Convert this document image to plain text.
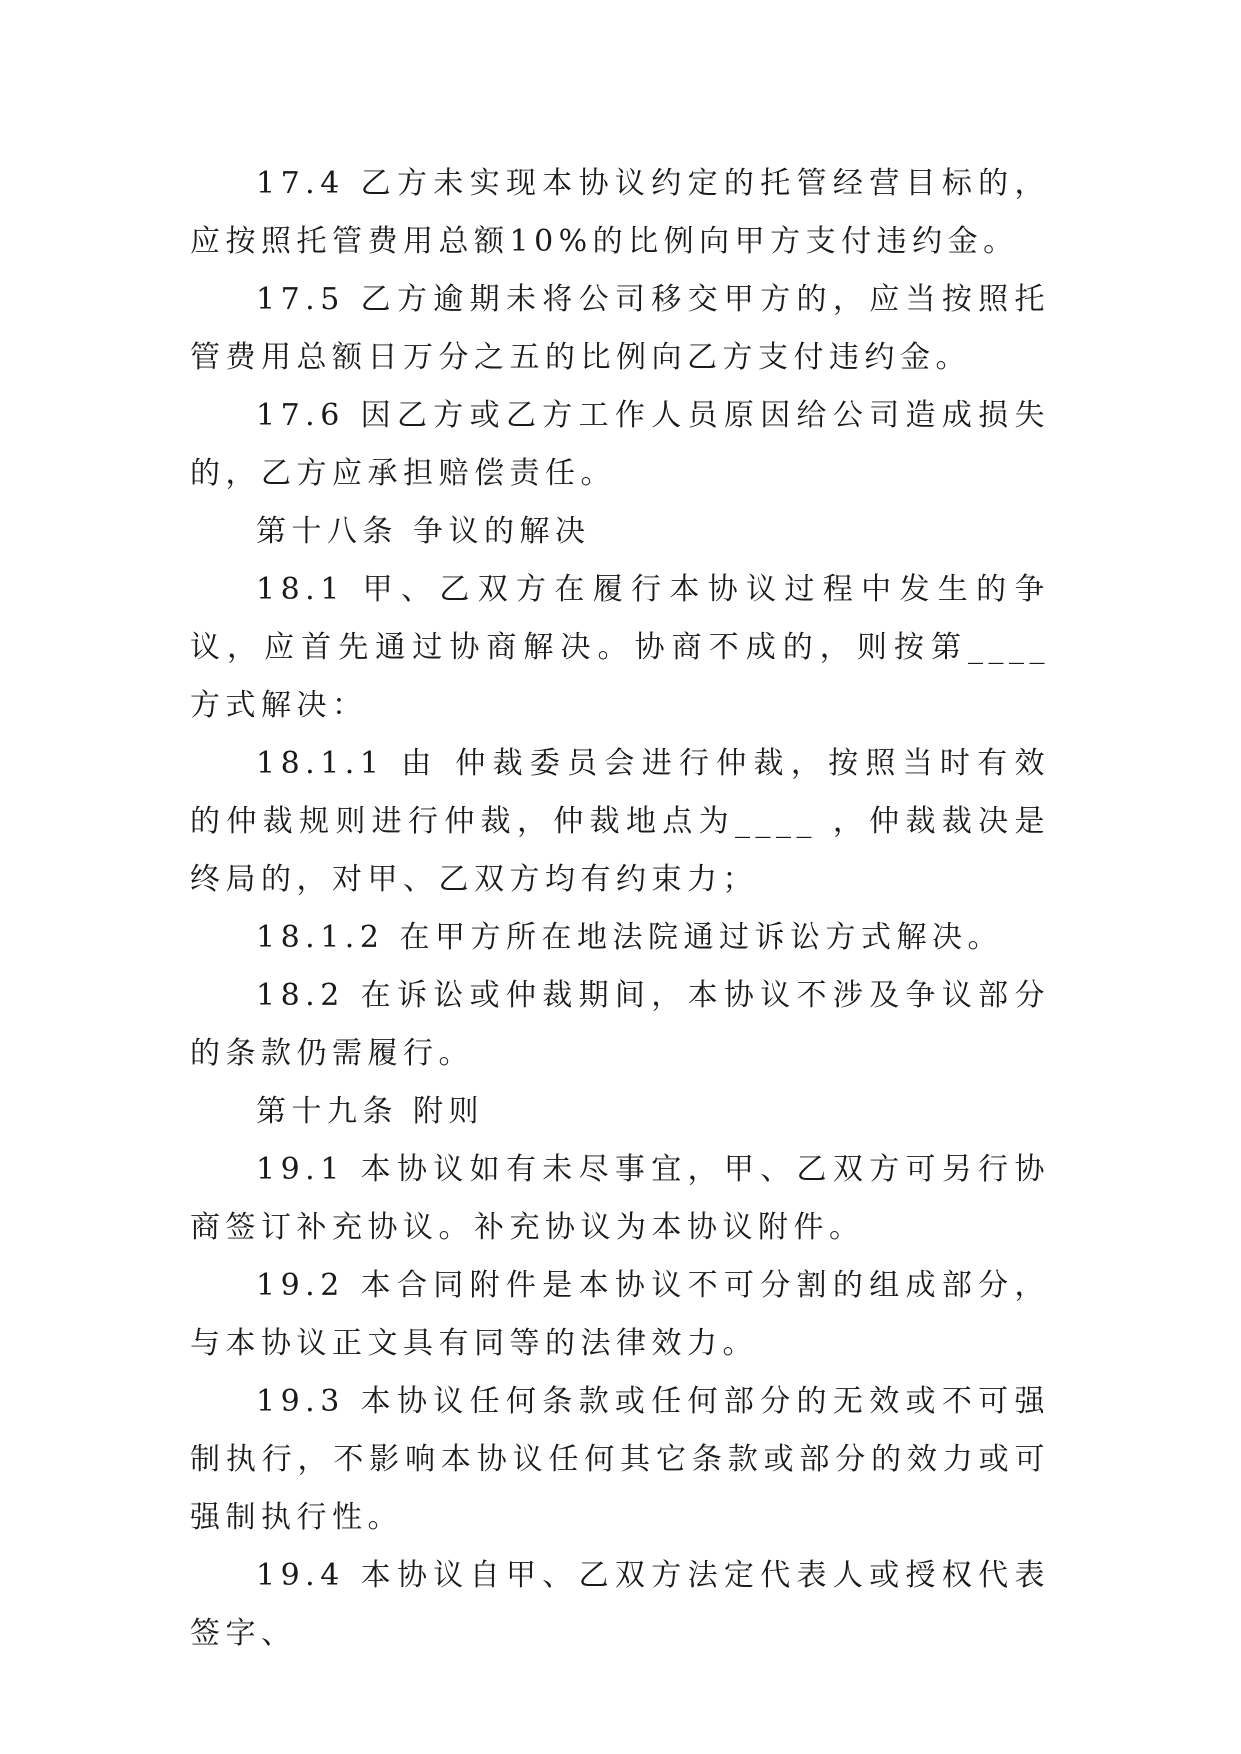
17.4 乙方未实现本协议约定的托管经营目标的，应按照托管费用总额10%的比例向甲方支付违约金。

17.5 乙方逾期未将公司移交甲方的，应当按照托管费用总额日万分之五的比例向乙方支付违约金。

17.6 因乙方或乙方工作人员原因给公司造成损失的，乙方应承担赔偿责任。

第十八条 争议的解决

18.1 甲、乙双方在履行本协议过程中发生的争议，应首先通过协商解决。协商不成的，则按第____ 方式解决：

18.1.1 由 仲裁委员会进行仲裁，按照当时有效的仲裁规则进行仲裁，仲裁地点为____ ，仲裁裁决是终局的，对甲、乙双方均有约束力；

18.1.2 在甲方所在地法院通过诉讼方式解决。

18.2 在诉讼或仲裁期间，本协议不涉及争议部分的条款仍需履行。

第十九条 附则

19.1 本协议如有未尽事宜，甲、乙双方可另行协商签订补充协议。补充协议为本协议附件。

19.2 本合同附件是本协议不可分割的组成部分，与本协议正文具有同等的法律效力。

19.3 本协议任何条款或任何部分的无效或不可强制执行，不影响本协议任何其它条款或部分的效力或可强制执行性。

19.4 本协议自甲、乙双方法定代表人或授权代表签字、
